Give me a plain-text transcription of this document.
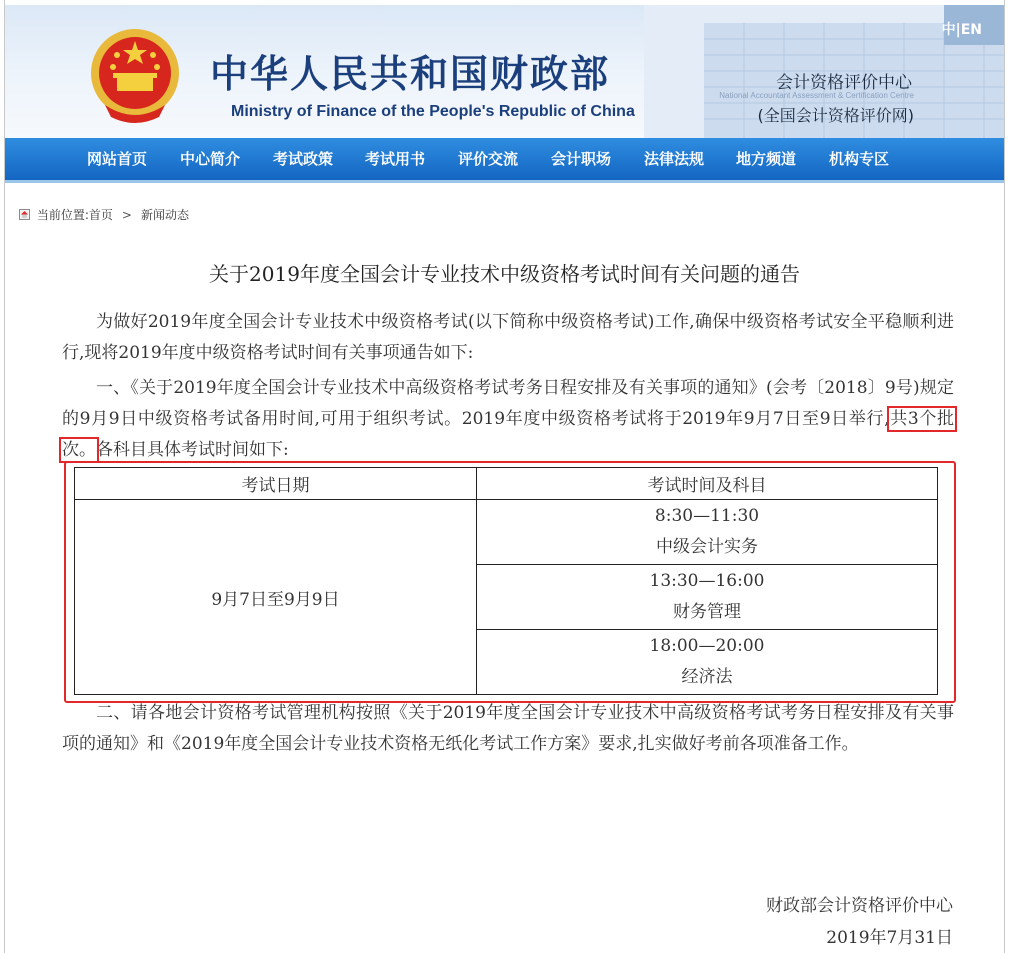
中华人民共和国财政部
Ministry of Finance of the People's Republic of China
中|EN
会计资格评价中心
National Accountant Assessment & Certification Centre
(全国会计资格评价网)
网站首页 中心简介 考试政策 考试用书 评价交流 会计职场 法律法规 地方频道 机构专区
当前位置:首页 > 新闻动态
关于2019年度全国会计专业技术中级资格考试时间有关问题的通告
为做好2019年度全国会计专业技术中级资格考试(以下简称中级资格考试)工作,确保中级资格考试安全平稳顺利进行,现将2019年度中级资格考试时间有关事项通告如下:
一、《关于2019年度全国会计专业技术中高级资格考试考务日程安排及有关事项的通知》(会考〔2018〕9号)规定的9月9日中级资格考试备用时间,可用于组织考试。2019年度中级资格考试将于2019年9月7日至9日举行,共3个批次。各科目具体考试时间如下:
考试日期	考试时间及科目
9月7日至9月9日	8:30—11:30
中级会计实务

	13:30—16:00
财务管理

	18:00—20:00
经济法
二、请各地会计资格考试管理机构按照《关于2019年度全国会计专业技术中高级资格考试考务日程安排及有关事项的通知》和《2019年度全国会计专业技术资格无纸化考试工作方案》要求,扎实做好考前各项准备工作。
财政部会计资格评价中心
2019年7月31日
